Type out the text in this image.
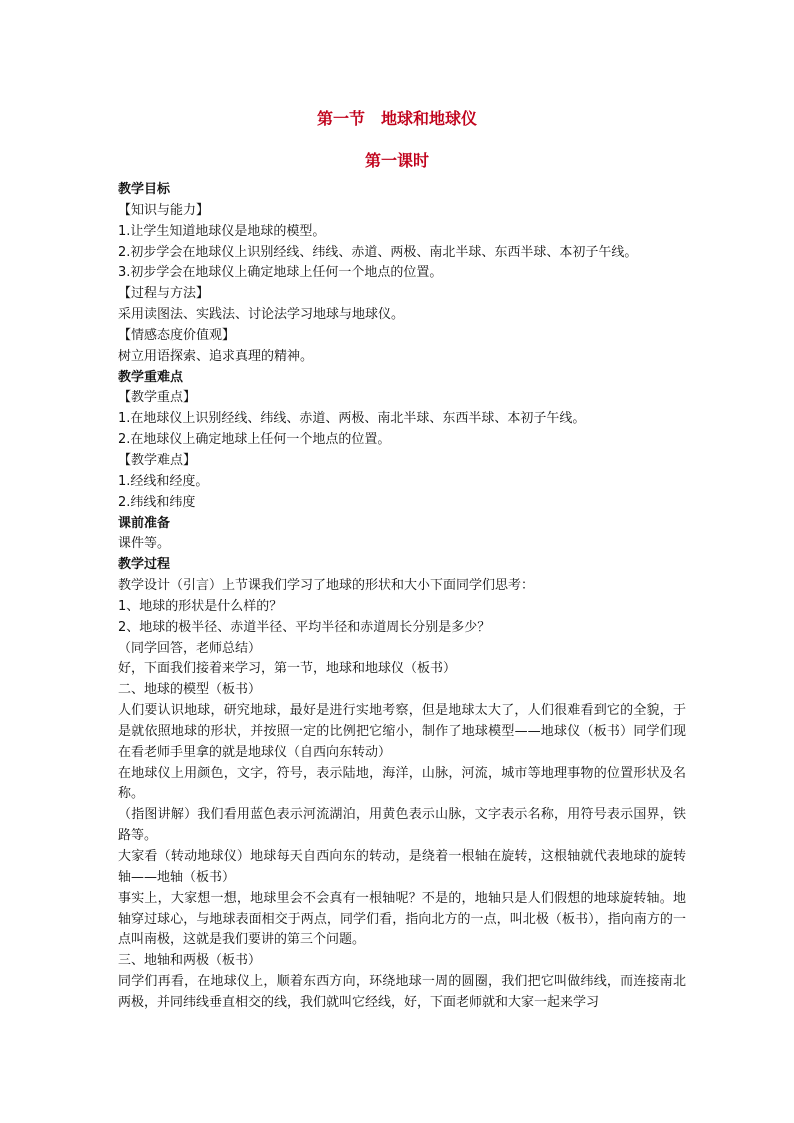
第一节　地球和地球仪
第一课时
教学目标
【知识与能力】
1.让学生知道地球仪是地球的模型。
2.初步学会在地球仪上识别经线、纬线、赤道、两极、南北半球、东西半球、本初子午线。
3.初步学会在地球仪上确定地球上任何一个地点的位置。
【过程与方法】
采用读图法、实践法、讨论法学习地球与地球仪。
【情感态度价值观】
树立用语探索、追求真理的精神。
教学重难点
【教学重点】
1.在地球仪上识别经线、纬线、赤道、两极、南北半球、东西半球、本初子午线。
2.在地球仪上确定地球上任何一个地点的位置。
【教学难点】
1.经线和经度。
2.纬线和纬度
课前准备
课件等。
教学过程
教学设计（引言）上节课我们学习了地球的形状和大小下面同学们思考：
1、地球的形状是什么样的？
2、地球的极半径、赤道半径、平均半径和赤道周长分别是多少？
（同学回答，老师总结）
好，下面我们接着来学习，第一节，地球和地球仪（板书）
二、地球的模型（板书）
人们要认识地球，研究地球，最好是进行实地考察，但是地球太大了，人们很难看到它的全貌，于是就依照地球的形状，并按照一定的比例把它缩小，制作了地球模型——地球仪（板书）同学们现在看老师手里拿的就是地球仪（自西向东转动）
在地球仪上用颜色，文字，符号，表示陆地，海洋，山脉，河流，城市等地理事物的位置形状及名称。
（指图讲解）我们看用蓝色表示河流湖泊，用黄色表示山脉，文字表示名称，用符号表示国界，铁路等。
大家看（转动地球仪）地球每天自西向东的转动，是绕着一根轴在旋转，这根轴就代表地球的旋转轴——地轴（板书）
事实上，大家想一想，地球里会不会真有一根轴呢？不是的，地轴只是人们假想的地球旋转轴。地轴穿过球心，与地球表面相交于两点，同学们看，指向北方的一点，叫北极（板书），指向南方的一点叫南极，这就是我们要讲的第三个问题。
三、地轴和两极（板书）
同学们再看，在地球仪上，顺着东西方向，环绕地球一周的圆圈，我们把它叫做纬线，而连接南北两极，并同纬线垂直相交的线，我们就叫它经线，好，下面老师就和大家一起来学习
